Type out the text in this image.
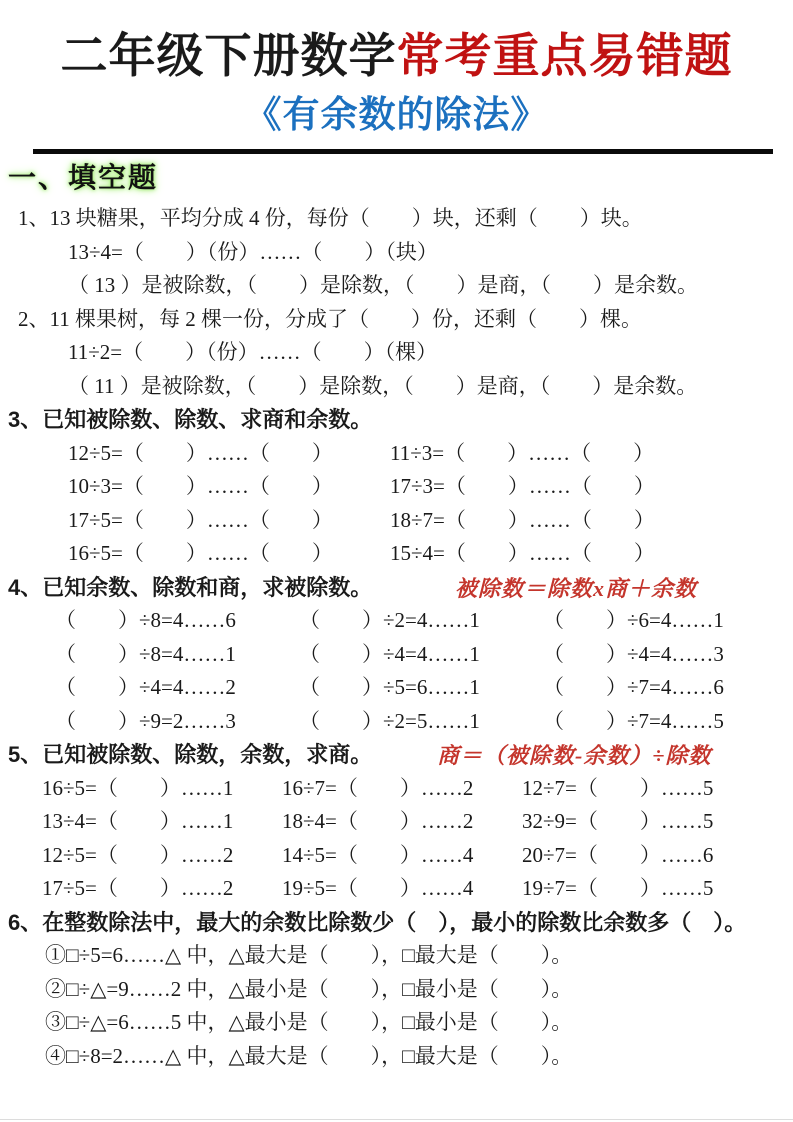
二年级下册数学常考重点易错题
《有余数的除法》
一、填空题
1、13 块糖果，平均分成 4 份，每份（　　）块，还剩（　　）块。
13÷4=（　　）（份）……（　　）（块）
（ 13 ）是被除数，（　　）是除数，（　　）是商，（　　）是余数。
2、11 棵果树，每 2 棵一份，分成了（　　）份，还剩（　　）棵。
11÷2=（　　）（份）……（　　）（棵）
（ 11 ）是被除数，（　　）是除数，（　　）是商，（　　）是余数。
3、已知被除数、除数、求商和余数。
12÷5=（　　）……（　　）	11÷3=（　　）……（　　）
10÷3=（　　）……（　　）	17÷3=（　　）……（　　）
17÷5=（　　）……（　　）	18÷7=（　　）……（　　）
16÷5=（　　）……（　　）	15÷4=（　　）……（　　）
4、已知余数、除数和商，求被除数。	被除数＝除数x商＋余数
（　　）÷8=4……6	（　　）÷2=4……1	（　　）÷6=4……1
（　　）÷8=4……1	（　　）÷4=4……1	（　　）÷4=4……3
（　　）÷4=4……2	（　　）÷5=6……1	（　　）÷7=4……6
（　　）÷9=2……3	（　　）÷2=5……1	（　　）÷7=4……5
5、已知被除数、除数，余数，求商。	商＝（被除数-余数）÷除数
16÷5=（　　）……1	16÷7=（　　）……2	12÷7=（　　）……5
13÷4=（　　）……1	18÷4=（　　）……2	32÷9=（　　）……5
12÷5=（　　）……2	14÷5=（　　）……4	20÷7=（　　）……6
17÷5=（　　）……2	19÷5=（　　）……4	19÷7=（　　）……5
6、在整数除法中，最大的余数比除数少（　），最小的除数比余数多（　）。
①□÷5=6……△ 中，△最大是（　　），□最大是（　　）。
②□÷△=9……2 中，△最小是（　　），□最小是（　　）。
③□÷△=6……5 中，△最小是（　　），□最小是（　　）。
④□÷8=2……△ 中，△最大是（　　），□最大是（　　）。
